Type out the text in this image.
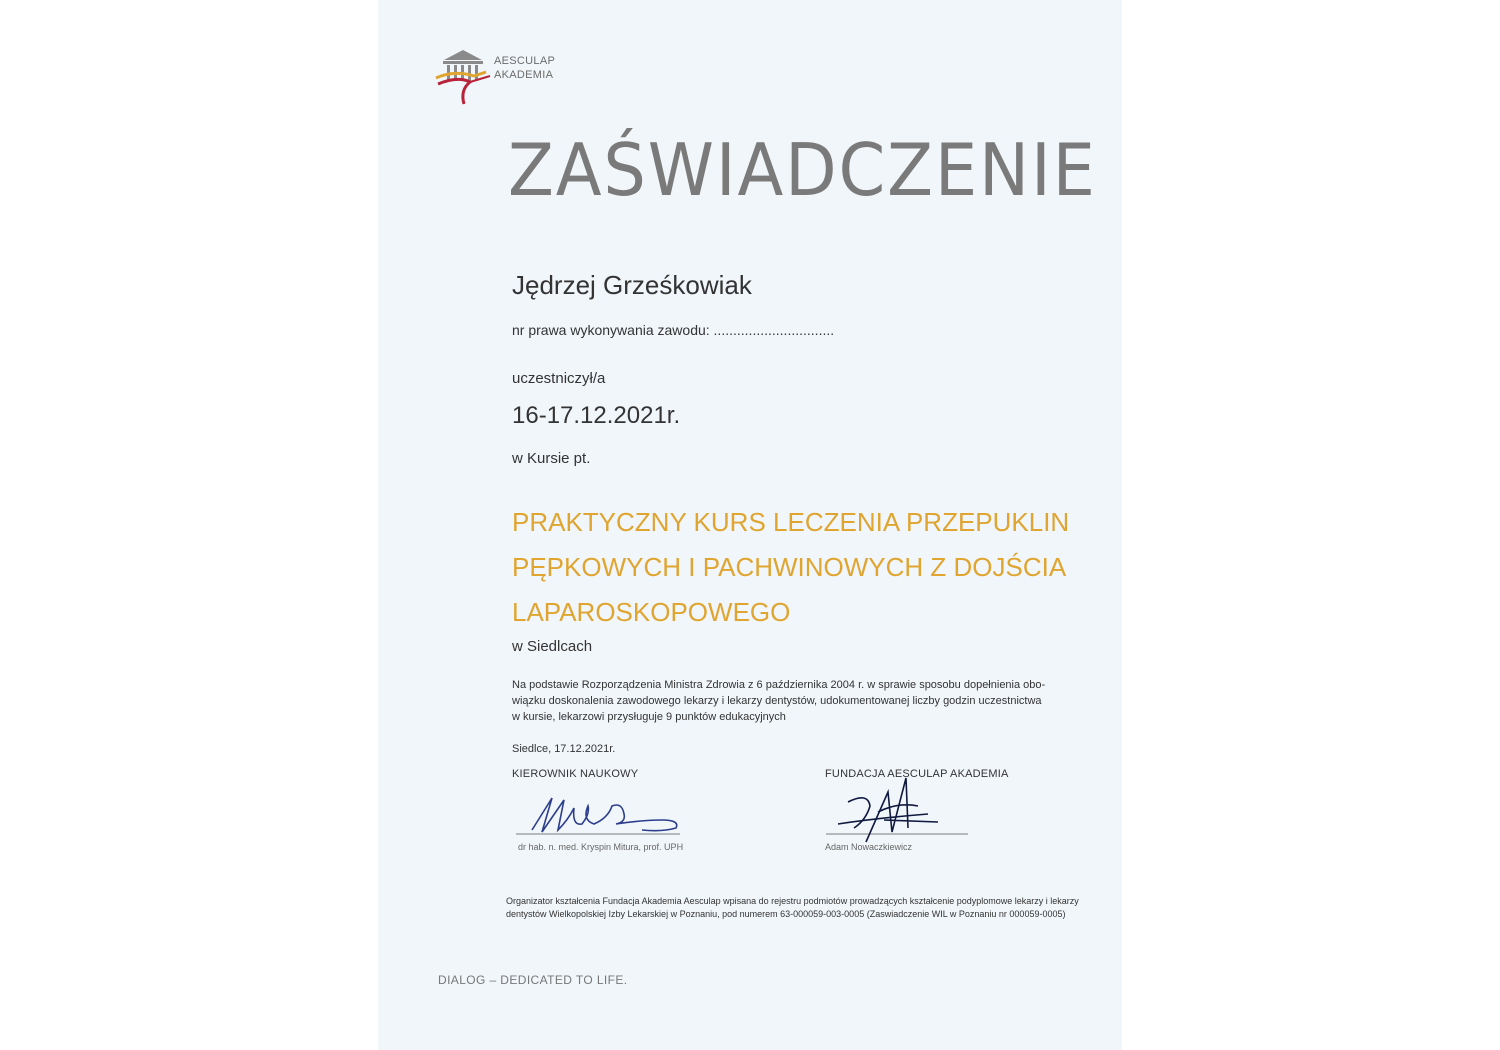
AESCULAP
AKADEMIA
ZAŚWIADCZENIE
Jędrzej Grześkowiak
nr prawa wykonywania zawodu: ...............................
uczestniczył/a
16-17.12.2021r.
w Kursie pt.
PRAKTYCZNY KURS LECZENIA PRZEPUKLIN
PĘPKOWYCH I PACHWINOWYCH Z DOJŚCIA
LAPAROSKOPOWEGO
w Siedlcach
Na podstawie Rozporządzenia Ministra Zdrowia z 6 października 2004 r. w sprawie sposobu dopełnienia obo-
wiązku doskonalenia zawodowego lekarzy i lekarzy dentystów, udokumentowanej liczby godzin uczestnictwa
w kursie, lekarzowi przysługuje 9 punktów edukacyjnych
Siedlce, 17.12.2021r.
KIEROWNIK NAUKOWY	FUNDACJA AESCULAP AKADEMIA
dr hab. n. med. Kryspin Mitura, prof. UPH	Adam Nowaczkiewicz
Organizator kształcenia Fundacja Akademia Aesculap wpisana do rejestru podmiotów prowadzących kształcenie podyplomowe lekarzy i lekarzy
dentystów Wielkopolskiej Izby Lekarskiej w Poznaniu, pod numerem 63-000059-003-0005 (Zaswiadczenie WIL w Poznaniu nr 000059-0005)
DIALOG – DEDICATED TO LIFE.
